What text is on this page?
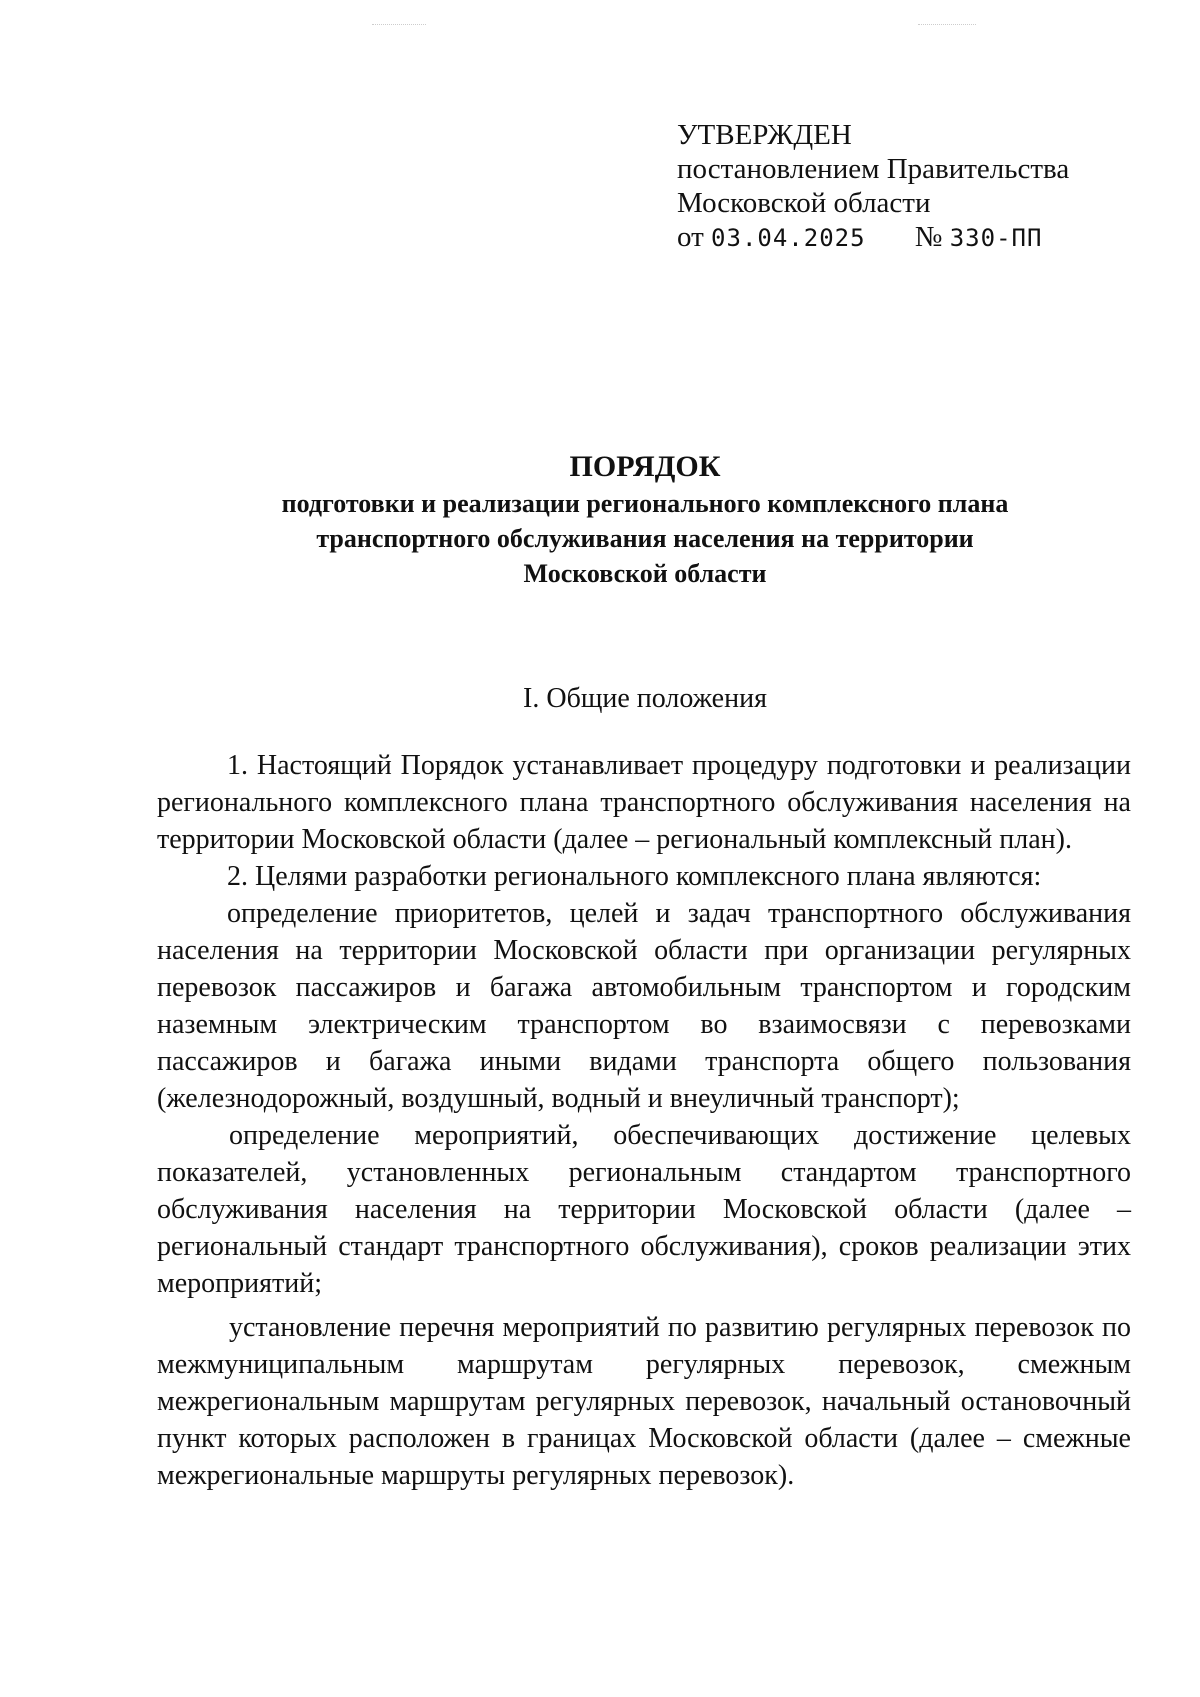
УТВЕРЖДЕН
постановлением Правительства
Московской области
от 03.04.2025 № 330-ПП
ПОРЯДОК
подготовки и реализации регионального комплексного плана
транспортного обслуживания населения на территории
Московской области
I. Общие положения

1. Настоящий Порядок устанавливает процедуру подготовки и реализации регионального комплексного плана транспортного обслуживания населения на территории Московской области (далее – региональный комплексный план).

2. Целями разработки регионального комплексного плана являются:

определение приоритетов, целей и задач транспортного обслуживания населения на территории Московской области при организации регулярных перевозок пассажиров и багажа автомобильным транспортом и городским наземным электрическим транспортом во взаимосвязи с перевозками пассажиров и багажа иными видами транспорта общего пользования (железнодорожный, воздушный, водный и внеуличный транспорт);

определение мероприятий, обеспечивающих достижение целевых показателей, установленных региональным стандартом транспортного обслуживания населения на территории Московской области (далее – региональный стандарт транспортного обслуживания), сроков реализации этих мероприятий;

установление перечня мероприятий по развитию регулярных перевозок по межмуниципальным маршрутам регулярных перевозок, смежным межрегиональным маршрутам регулярных перевозок, начальный остановочный пункт которых расположен в границах Московской области (далее – смежные межрегиональные маршруты регулярных перевозок).
